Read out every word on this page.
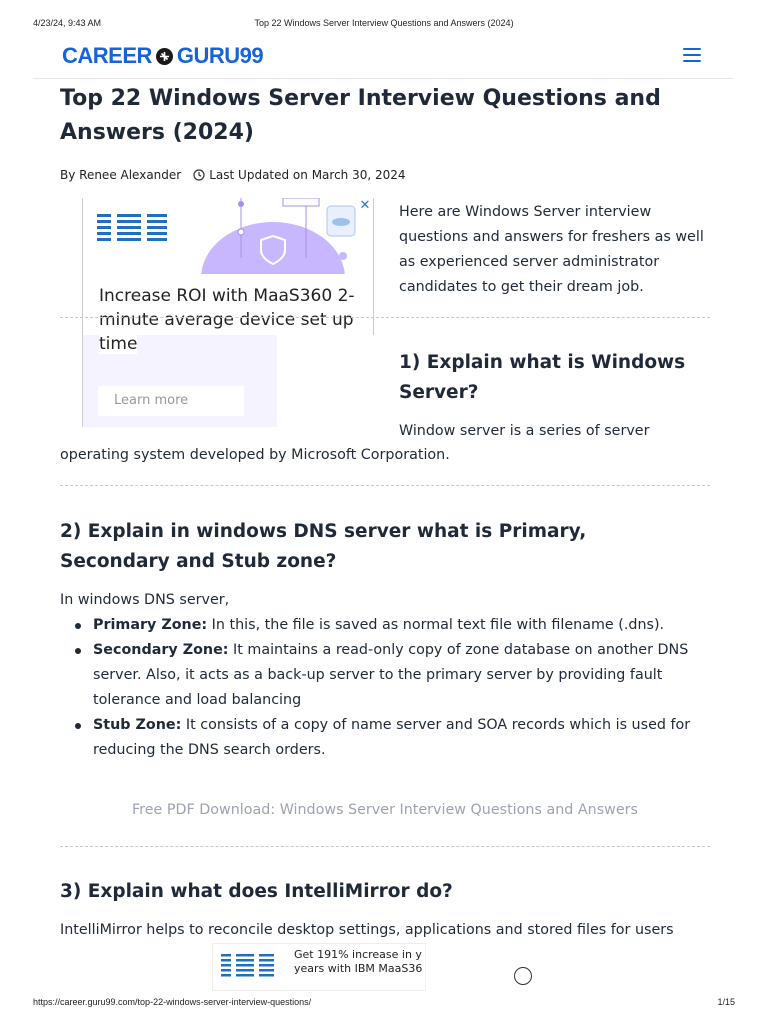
4/23/24, 9:43 AM	Top 22 Windows Server Interview Questions and Answers (2024)
CAREER GURU99
Top 22 Windows Server Interview Questions and Answers (2024)
By Renee Alexander Last Updated on March 30, 2024
✕
Increase ROI with MaaS360 2-minute average device set up time
Learn more

Here are Windows Server interview questions and answers for freshers as well as experienced server administrator candidates to get their dream job.

1) Explain what is Windows Server?

Window server is a series of server

operating system developed by Microsoft Corporation.

2) Explain in windows DNS server what is Primary, Secondary and Stub zone?

In windows DNS server,

Primary Zone: In this, the file is saved as normal text file with filename (.dns).
Secondary Zone: It maintains a read-only copy of zone database on another DNS server. Also, it acts as a back-up server to the primary server by providing fault tolerance and load balancing
Stub Zone: It consists of a copy of name server and SOA records which is used for reducing the DNS search orders.
Free PDF Download: Windows Server Interview Questions and Answers
3) Explain what does IntelliMirror do?

IntelliMirror helps to reconcile desktop settings, applications and stored files for users

Get 191% increase in y
years with IBM MaaS36
https://career.guru99.com/top-22-windows-server-interview-questions/	1/15
